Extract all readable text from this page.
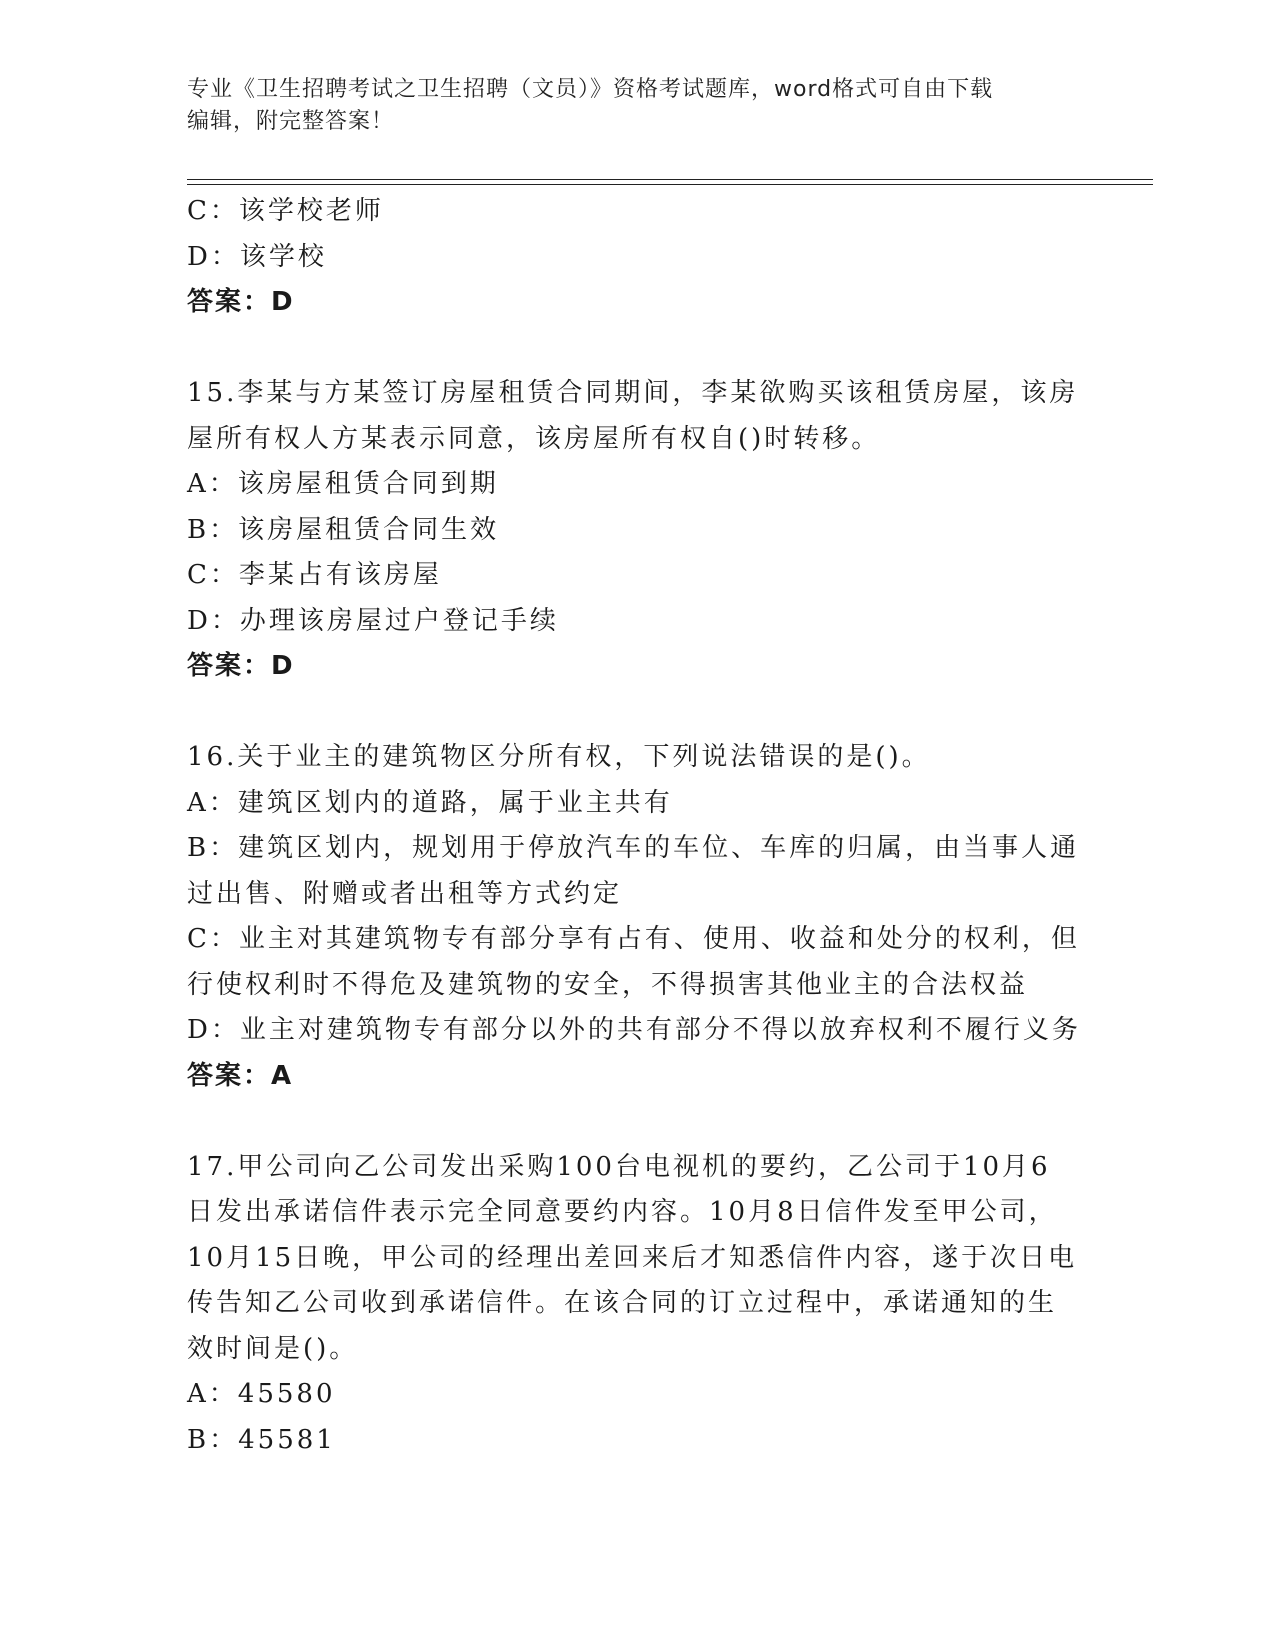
专业《卫生招聘考试之卫生招聘（文员）》资格考试题库，word格式可自由下载
编辑，附完整答案！
C：该学校老师
D：该学校
答案：D
15.李某与方某签订房屋租赁合同期间，李某欲购买该租赁房屋，该房
屋所有权人方某表示同意，该房屋所有权自()时转移。
A：该房屋租赁合同到期
B：该房屋租赁合同生效
C：李某占有该房屋
D：办理该房屋过户登记手续
答案：D
16.关于业主的建筑物区分所有权，下列说法错误的是()。
A：建筑区划内的道路，属于业主共有
B：建筑区划内，规划用于停放汽车的车位、车库的归属，由当事人通
过出售、附赠或者出租等方式约定
C：业主对其建筑物专有部分享有占有、使用、收益和处分的权利，但
行使权利时不得危及建筑物的安全，不得损害其他业主的合法权益
D：业主对建筑物专有部分以外的共有部分不得以放弃权利不履行义务
答案：A
17.甲公司向乙公司发出采购100台电视机的要约，乙公司于10月6
日发出承诺信件表示完全同意要约内容。10月8日信件发至甲公司，
10月15日晚，甲公司的经理出差回来后才知悉信件内容，遂于次日电
传告知乙公司收到承诺信件。在该合同的订立过程中，承诺通知的生
效时间是()。
A：45580
B：45581
